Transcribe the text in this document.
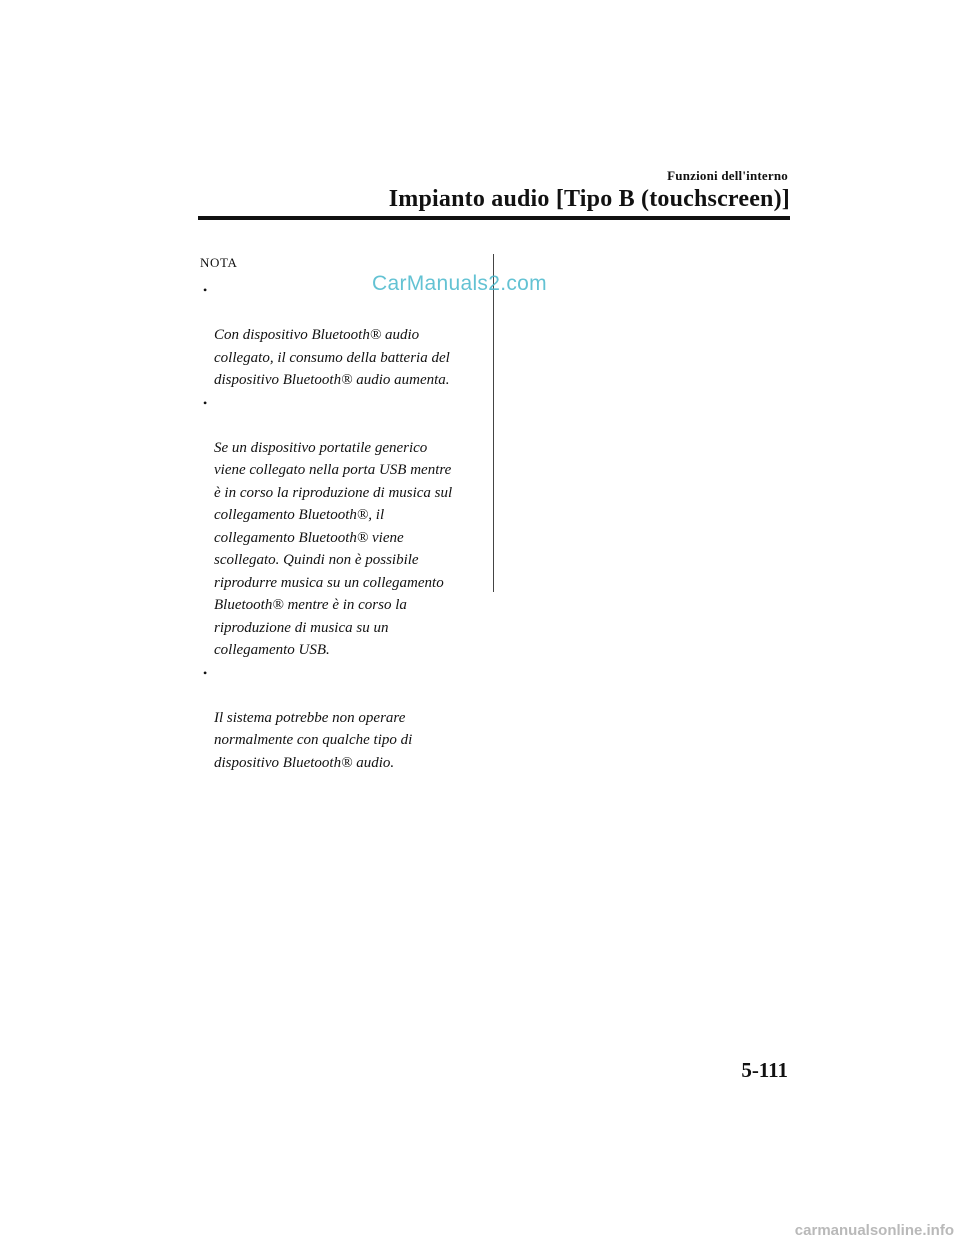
Funzioni dell'interno
Impianto audio [Tipo B (touchscreen)]
NOTA

•

Con dispositivo Bluetooth® audio
collegato, il consumo della batteria del
dispositivo Bluetooth® audio aumenta.

•

Se un dispositivo portatile generico
viene collegato nella porta USB mentre
è in corso la riproduzione di musica sul
collegamento Bluetooth®, il
collegamento Bluetooth® viene
scollegato. Quindi non è possibile
riprodurre musica su un collegamento
Bluetooth® mentre è in corso la
riproduzione di musica su un
collegamento USB.

•

Il sistema potrebbe non operare
normalmente con qualche tipo di
dispositivo Bluetooth® audio.

CarManuals2.com
5-111
carmanualsonline.info
